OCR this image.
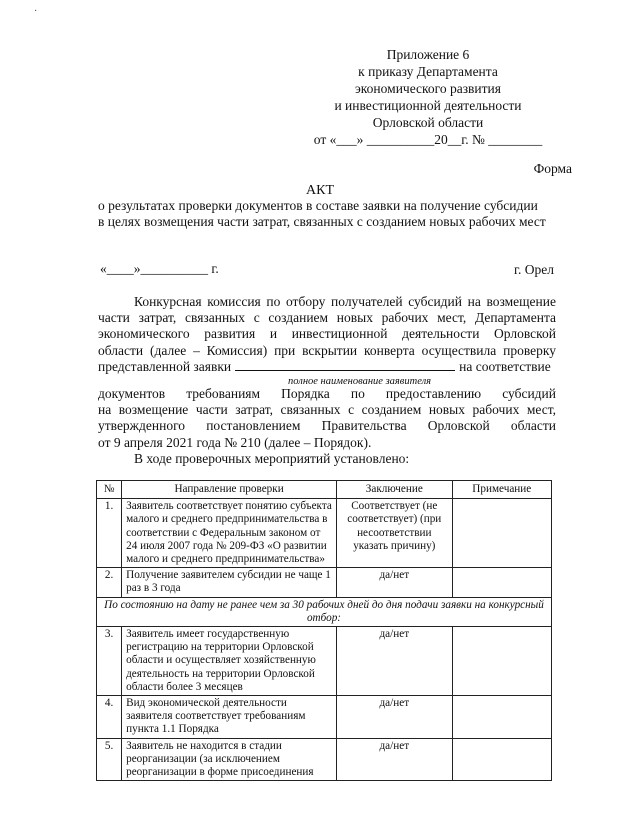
·
Приложение 6
к приказу Департамента
экономического развития
и инвестиционной деятельности
Орловской области
от «___» __________20__г. № ________
Форма
АКТ
о результатах проверки документов в составе заявки на получение субсидии
в целях возмещения части затрат, связанных с созданием новых рабочих мест
«____»__________ г.	г. Орел
Конкурсная комиссия по отбору получателей субсидий на возмещение
части затрат, связанных с созданием новых рабочих мест, Департамента
экономического развития и инвестиционной деятельности Орловской
области (далее – Комиссия) при вскрытии конверта осуществила проверку
представленной заявки	на соответствие
полное наименование заявителя
документов требованиям Порядка по предоставлению субсидий
на возмещение части затрат, связанных с созданием новых рабочих мест,
утвержденного постановлением Правительства Орловской области
от 9 апреля 2021 года № 210 (далее – Порядок).
В ходе проверочных мероприятий установлено:
№	Направление проверки	Заключение	Примечание
1.	Заявитель соответствует понятию субъекта малого и среднего предпринимательства в соответствии с Федеральным законом от 24 июля 2007 года № 209-ФЗ «О развитии малого и среднего предпринимательства»	Соответствует (не соответствует) (при несоответствии указать причину)	
2.	Получение заявителем субсидии не чаще 1 раз в 3 года	да/нет	
По состоянию на дату не ранее чем за 30 рабочих дней до дня подачи заявки на конкурсный отбор:			
3.	Заявитель имеет государственную регистрацию на территории Орловской области и осуществляет хозяйственную деятельность на территории Орловской области более 3 месяцев	да/нет	
4.	Вид экономической деятельности заявителя соответствует требованиям пункта 1.1 Порядка	да/нет	
5.	Заявитель не находится в стадии реорганизации (за исключением реорганизации в форме присоединения	да/нет	
